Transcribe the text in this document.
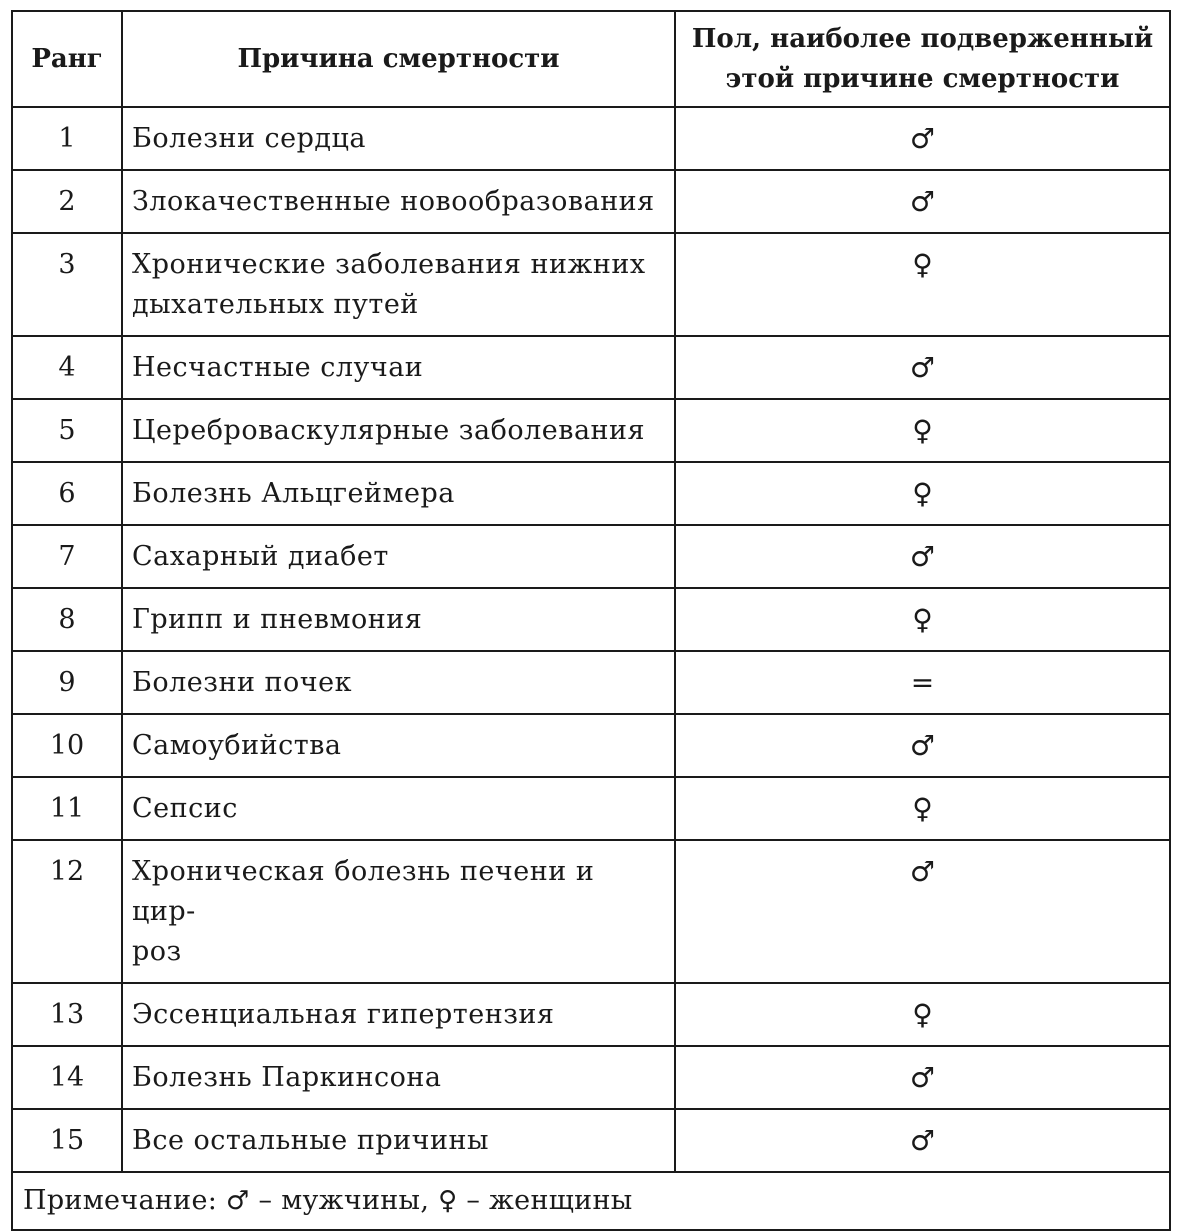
Ранг	Причина смертности	Пол, наиболее подверженный
этой причине смертности
1	Болезни сердца	♂
2	Злокачественные новообразования	♂
3	Хронические заболевания нижних
дыхательных путей	♀
4	Несчастные случаи	♂
5	Цереброваскулярные заболевания	♀
6	Болезнь Альцгеймера	♀
7	Сахарный диабет	♂
8	Грипп и пневмония	♀
9	Болезни почек	=
10	Самоубийства	♂
11	Сепсис	♀
12	Хроническая болезнь печени и цир-
роз	♂
13	Эссенциальная гипертензия	♀
14	Болезнь Паркинсона	♂
15	Все остальные причины	♂
Примечание: ♂ – мужчины, ♀ – женщины		
